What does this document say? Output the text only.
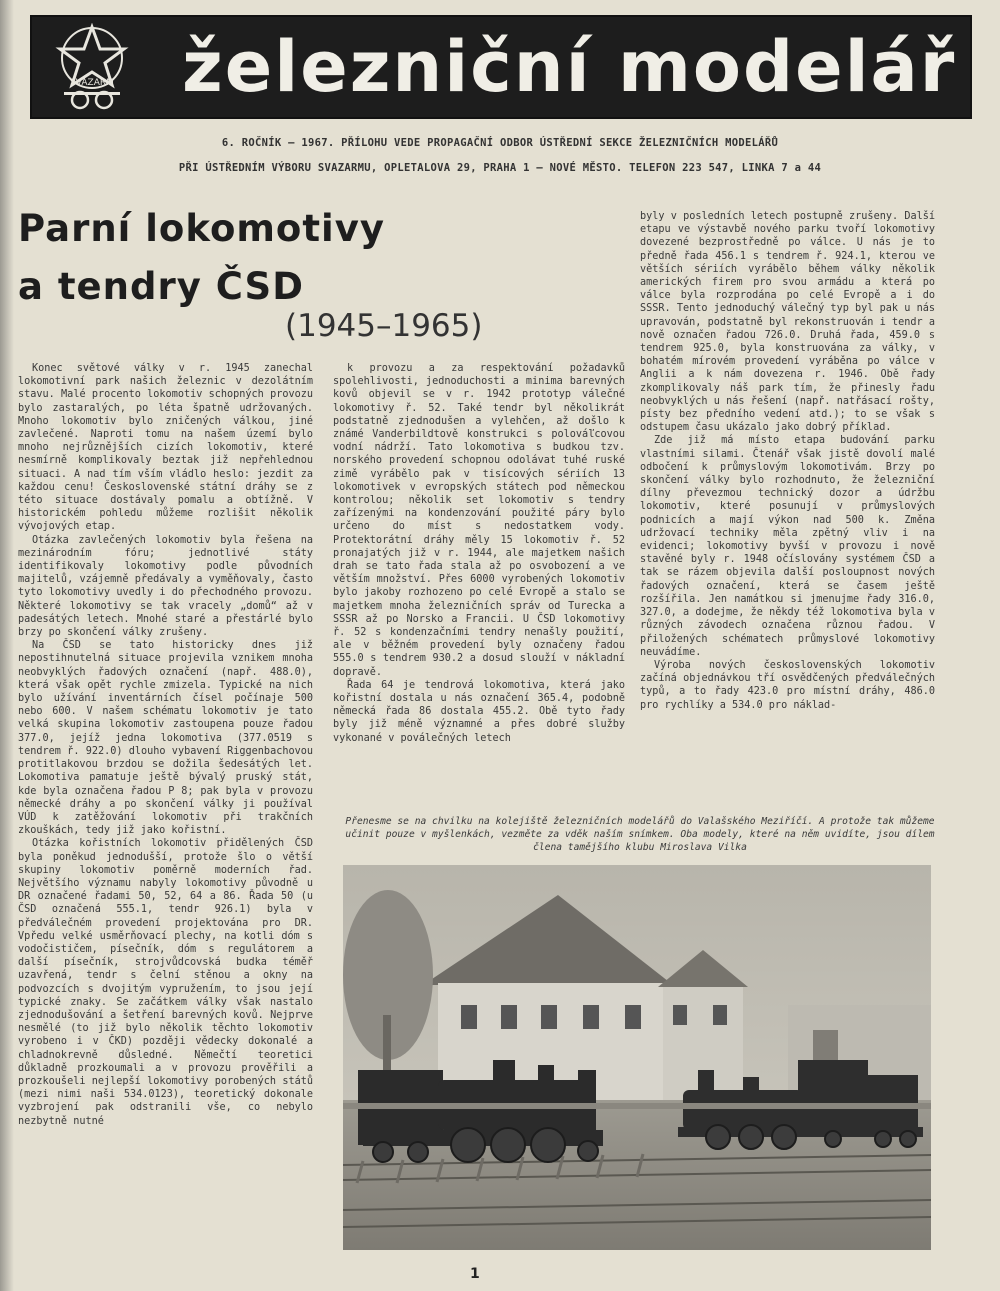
SVAZARM železniční modelář
6. ROČNÍK — 1967. PŘÍLOHU VEDE PROPAGAČNÍ ODBOR ÚSTŘEDNÍ SEKCE ŽELEZNIČNÍCH MODELÁŘŮ
PŘI ÚSTŘEDNÍM VÝBORU SVAZARMU, OPLETALOVA 29, PRAHA 1 — NOVÉ MĚSTO. TELEFON 223 547, LINKA 7 a 44
Parní lokomotivy
a tendry ČSD
(1945–1965)

Konec světové války v r. 1945 zanechal lokomotivní park našich železnic v dezolátním stavu. Malé procento lokomotiv schopných provozu bylo zastaralých, po léta špatně udržovaných. Mnoho lokomotiv bylo zničených válkou, jiné zavlečené. Naproti tomu na našem území bylo mnoho nejrůznějších cizích lokomotiv, které nesmírně komplikovaly beztak již nepřehlednou situaci. A nad tím vším vládlo heslo: jezdit za každou cenu! Československé státní dráhy se z této situace dostávaly pomalu a obtížně. V historickém pohledu můžeme rozlišit několik vývojových etap.

Otázka zavlečených lokomotiv byla řešena na mezinárodním fóru; jednotlivé státy identifikovaly lokomotivy podle původních majitelů, vzájemně předávaly a vyměňovaly, často tyto lokomotivy uvedly i do přechodného provozu. Některé lokomotivy se tak vracely „domů“ až v padesátých letech. Mnohé staré a přestárlé bylo brzy po skončení války zrušeny.

Na ČSD se tato historicky dnes již nepostihnutelná situace projevila vznikem mnoha neobvyklých řadových označení (např. 488.0), která však opět rychle zmizela. Typické na nich bylo užívání inventárních čísel počínaje 500 nebo 600. V našem schématu lokomotiv je tato velká skupina lokomotiv zastoupena pouze řadou 377.0, jejíž jedna lokomotiva (377.0519 s tendrem ř. 922.0) dlouho vybavení Riggenbachovou protitlakovou brzdou se dožila šedesátých let. Lokomotiva pamatuje ještě bývalý pruský stát, kde byla označena řadou P 8; pak byla v provozu německé dráhy a po skončení války ji používal VÚD k zatěžování lokomotiv při trakčních zkouškách, tedy již jako kořistní.

Otázka kořistních lokomotiv přidělených ČSD byla poněkud jednodušší, protože šlo o větší skupiny lokomotiv poměrně moderních řad. Největšího významu nabyly lokomotivy původně u DR označené řadami 50, 52, 64 a 86. Řada 50 (u ČSD označená 555.1, tendr 926.1) byla v předválečném provedení projektována pro DR. Vpředu velké usměrňovací plechy, na kotli dóm s vodočističem, písečník, dóm s regulátorem a další písečník, strojvůdcovská budka téměř uzavřená, tendr s čelní stěnou a okny na podvozcích s dvojitým vypružením, to jsou její typické znaky. Se začátkem války však nastalo zjednodušování a šetření barevných kovů. Nejprve nesmělé (to již bylo několik těchto lokomotiv vyrobeno i v ČKD) později vědecky dokonalé a chladnokrevně důsledné. Němečtí teoretici důkladně prozkoumali a v provozu prověřili a prozkoušeli nejlepší lokomotivy porobených států (mezi nimi naši 534.0123), teoretický dokonale vyzbrojení pak odstranili vše, co nebylo nezbytně nutné

k provozu a za respektování požadavků spolehlivosti, jednoduchosti a minima barevných kovů objevil se v r. 1942 prototyp válečné lokomotivy ř. 52. Také tendr byl několikrát podstatně zjednodušen a vylehčen, až došlo k známé Vanderbildtově konstrukci s polováľcovou vodní nádrží. Tato lokomotiva s budkou tzv. norského provedení schopnou odolávat tuhé ruské zimě vyrábělo pak v tisícových sériích 13 lokomotivek v evropských státech pod německou kontrolou; několik set lokomotiv s tendry zařízenými na kondenzování použité páry bylo určeno do míst s nedostatkem vody. Protektorátní dráhy měly 15 lokomotiv ř. 52 pronajatých již v r. 1944, ale majetkem našich drah se tato řada stala až po osvobození a ve větším množství. Přes 6000 vyrobených lokomotiv bylo jakoby rozhozeno po celé Evropě a stalo se majetkem mnoha železničních správ od Turecka a SSSR až po Norsko a Francii. U ČSD lokomotivy ř. 52 s kondenzačními tendry nenašly použití, ale v běžném provedení byly označeny řadou 555.0 s tendrem 930.2 a dosud slouží v nákladní dopravě.

Řada 64 je tendrová lokomotiva, která jako kořistní dostala u nás označení 365.4, podobně německá řada 86 dostala 455.2. Obě tyto řady byly již méně významné a přes dobré služby vykonané v poválečných letech

byly v posledních letech postupně zrušeny. Další etapu ve výstavbě nového parku tvoří lokomotivy dovezené bezprostředně po válce. U nás je to předně řada 456.1 s tendrem ř. 924.1, kterou ve větších sériích vyrábělo během války několik amerických firem pro svou armádu a která po válce byla rozprodána po celé Evropě a i do SSSR. Tento jednoduchý válečný typ byl pak u nás upravován, podstatně byl rekonstruován i tendr a nově označen řadou 726.0. Druhá řada, 459.0 s tendrem 925.0, byla konstruována za války, v bohatém mírovém provedení vyráběna po válce v Anglii a k nám dovezena r. 1946. Obě řady zkomplikovaly náš park tím, že přinesly řadu neobvyklých u nás řešení (např. natřásací rošty, písty bez předního vedení atd.); to se však s odstupem času ukázalo jako dobrý příklad.

Zde již má místo etapa budování parku vlastními silami. Čtenář však jistě dovolí malé odbočení k průmyslovým lokomotivám. Brzy po skončení války bylo rozhodnuto, že železniční dílny převezmou technický dozor a údržbu lokomotiv, které posunují v průmyslových podnicích a mají výkon nad 500 k. Změna udržovací techniky měla zpětný vliv i na evidenci; lokomotivy byvší v provozu i nově stavěné byly r. 1948 očíslovány systémem ČSD a tak se rázem objevila další posloupnost nových řadových označení, která se časem ještě rozšířila. Jen namátkou si jmenujme řady 316.0, 327.0, a dodejme, že někdy též lokomotiva byla v různých závodech označena různou řadou. V přiložených schématech průmyslové lokomotivy neuvádíme.

Výroba nových československých lokomotiv začíná objednávkou tří osvědčených předválečných typů, a to řady 423.0 pro místní dráhy, 486.0 pro rychlíky a 534.0 pro náklad-

Přenesme se na chvilku na kolejiště železničních modelářů do Valašského Meziříčí. A protože tak můžeme učinit pouze v myšlenkách, vezměte za vděk naším snímkem. Oba modely, které na něm uvidíte, jsou dílem člena tamějšího klubu Miroslava Vilka
1
